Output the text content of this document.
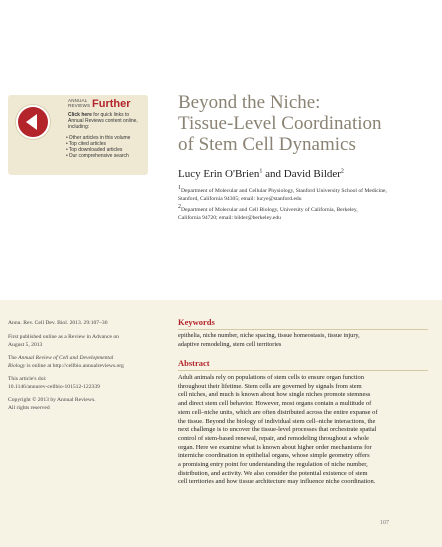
ANNUAL
REVIEWS Further
Click here for quick links to
Annual Reviews content online,
including:
• Other articles in this volume
• Top cited articles
• Top downloaded articles
• Our comprehensive search
Beyond the Niche:
Tissue-Level Coordination
of Stem Cell Dynamics
Lucy Erin O'Brien$^1$ and David Bilder$^2$
$^1$Department of Molecular and Cellular Physiology, Stanford University School of Medicine,
Stanford, California 94305; email: lucye@stanford.edu
$^2$Department of Molecular and Cell Biology, University of California, Berkeley,
California 94720; email: bilder@berkeley.edu
Annu. Rev. Cell Dev. Biol. 2013. 29:107–36
First published online as a Review in Advance on
August 5, 2013
The Annual Review of Cell and Developmental
Biology is online at http://cellbio.annualreviews.org
This article's doi:
10.1146/annurev-cellbio-101512-122339
Copyright © 2013 by Annual Reviews.
All rights reserved
Keywords
epithelia, niche number, niche spacing, tissue homeostasis, tissue injury,
adaptive remodeling, stem cell territories
Abstract
Adult animals rely on populations of stem cells to ensure organ function
throughout their lifetime. Stem cells are governed by signals from stem
cell niches, and much is known about how single niches promote stemness
and direct stem cell behavior. However, most organs contain a multitude of
stem cell–niche units, which are often distributed across the entire expanse of
the tissue. Beyond the biology of individual stem cell–niche interactions, the
next challenge is to uncover the tissue-level processes that orchestrate spatial
control of stem-based renewal, repair, and remodeling throughout a whole
organ. Here we examine what is known about higher order mechanisms for
interniche coordination in epithelial organs, whose simple geometry offers
a promising entry point for understanding the regulation of niche number,
distribution, and activity. We also consider the potential existence of stem
cell territories and how tissue architecture may influence niche coordination.
107
